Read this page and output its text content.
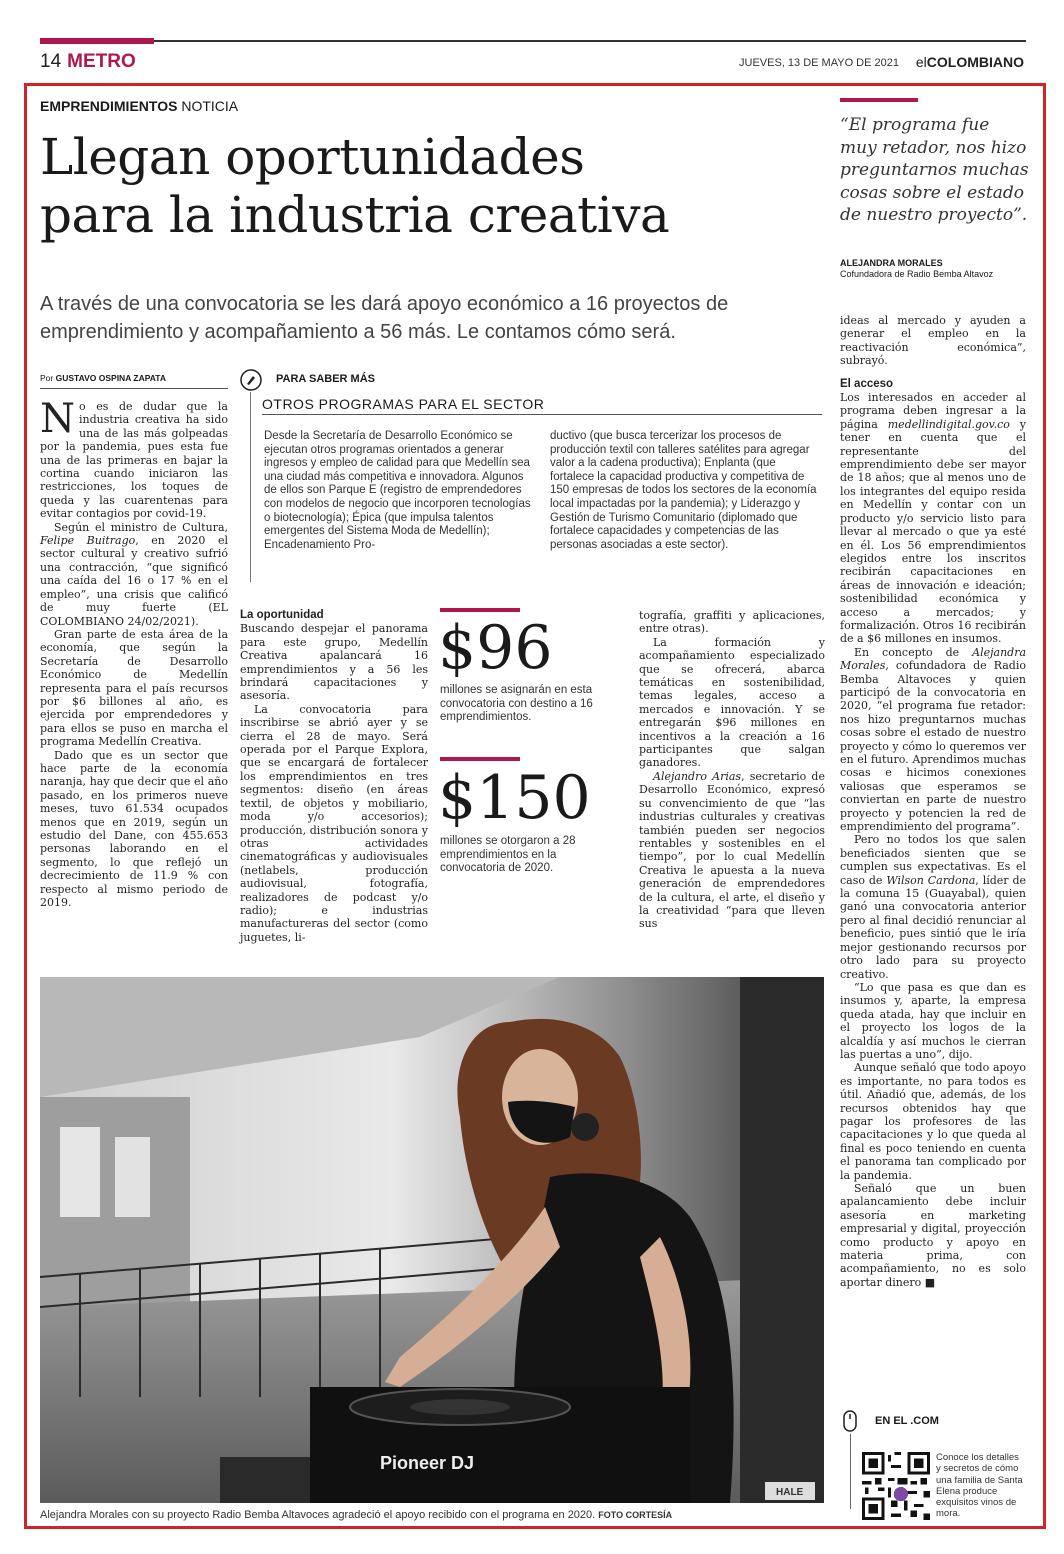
14 METRO	JUEVES, 13 DE MAYO DE 2021 elCOLOMBIANO
EMPRENDIMIENTOS NOTICIA
Llegan oportunidades
para la industria creativa
A través de una convocatoria se les dará apoyo económico a 16 proyectos de emprendimiento y acompañamiento a 56 más. Le contamos cómo será.
“El programa fue muy retador, nos hizo preguntarnos muchas cosas sobre el estado de nuestro proyecto”.
ALEJANDRA MORALES
Cofundadora de Radio Bemba Altavoz
Por GUSTAVO OSPINA ZAPATA

No es de dudar que la industria creativa ha sido una de las más golpeadas por la pandemia, pues esta fue una de las primeras en bajar la cortina cuando iniciaron las restricciones, los toques de queda y las cuarentenas para evitar contagios por covid-19.

Según el ministro de Cultura, Felipe Buitrago, en 2020 el sector cultural y creativo sufrió una contracción, “que significó una caída del 16 o 17 % en el empleo”, una crisis que calificó de muy fuerte (EL COLOMBIANO 24/02/2021).

Gran parte de esta área de la economía, que según la Secretaría de Desarrollo Económico de Medellín representa para el país recursos por $6 billones al año, es ejercida por emprendedores y para ellos se puso en marcha el programa Medellín Creativa.

Dado que es un sector que hace parte de la economía naranja, hay que decir que el año pasado, en los primeros nueve meses, tuvo 61.534 ocupados menos que en 2019, según un estudio del Dane, con 455.653 personas laborando en el segmento, lo que reflejó un decrecimiento de 11.9 % con respecto al mismo periodo de 2019.

PARA SABER MÁS
OTROS PROGRAMAS PARA EL SECTOR
Desde la Secretaría de Desarrollo Económico se ejecutan otros programas orientados a generar ingresos y empleo de calidad para que Medellín sea una ciudad más competitiva e innovadora. Algunos de ellos son Parque E (registro de emprendedores con modelos de negocio que incorporen tecnologías o biotecnología); Épica (que impulsa talentos emergentes del Sistema Moda de Medellín); Encadenamiento Pro-
ductivo (que busca tercerizar los procesos de producción textil con talleres satélites para agregar valor a la cadena productiva); Enplanta (que fortalece la capacidad productiva y competitiva de 150 empresas de todos los sectores de la economía local impactadas por la pandemia); y Liderazgo y Gestión de Turismo Comunitario (diplomado que fortalece capacidades y competencias de las personas asociadas a este sector).

La oportunidad

Buscando despejar el panorama para este grupo, Medellín Creativa apalancará 16 emprendimientos y a 56 les brindará capacitaciones y asesoría.

La convocatoria para inscribirse se abrió ayer y se cierra el 28 de mayo. Será operada por el Parque Explora, que se encargará de fortalecer los emprendimientos en tres segmentos: diseño (en áreas textil, de objetos y mobiliario, moda y/o accesorios); producción, distribución sonora y otras actividades cinematográficas y audiovisuales (netlabels, producción audiovisual, fotografía, realizadores de podcast y/o radio); e industrias manufactureras del sector (como juguetes, li-

$96
millones se asignarán en esta convocatoria con destino a 16 emprendimientos.
$150
millones se otorgaron a 28 emprendimientos en la convocatoria de 2020.

tografía, graffiti y aplicaciones, entre otras).

La formación y acompañamiento especializado que se ofrecerá, abarca temáticas en sostenibilidad, temas legales, acceso a mercados e innovación. Y se entregarán $96 millones en incentivos a la creación a 16 participantes que salgan ganadores.

Alejandro Arias, secretario de Desarrollo Económico, expresó su convencimiento de que “las industrias culturales y creativas también pueden ser negocios rentables y sostenibles en el tiempo”, por lo cual Medellín Creativa le apuesta a la nueva generación de emprendedores de la cultura, el arte, el diseño y la creatividad “para que lleven sus

ideas al mercado y ayuden a generar el empleo en la reactivación económica”, subrayó.

El acceso

Los interesados en acceder al programa deben ingresar a la página medellindigital.gov.co y tener en cuenta que el representante del emprendimiento debe ser mayor de 18 años; que al menos uno de los integrantes del equipo resida en Medellín y contar con un producto y/o servicio listo para llevar al mercado o que ya esté en él. Los 56 emprendimientos elegidos entre los inscritos recibirán capacitaciones en áreas de innovación e ideación; sostenibilidad económica y acceso a mercados; y formalización. Otros 16 recibirán de a $6 millones en insumos.

En concepto de Alejandra Morales, cofundadora de Radio Bemba Altavoces y quien participó de la convocatoria en 2020, “el programa fue retador: nos hizo preguntarnos muchas cosas sobre el estado de nuestro proyecto y cómo lo queremos ver en el futuro. Aprendimos muchas cosas e hicimos conexiones valiosas que esperamos se conviertan en parte de nuestro proyecto y potencien la red de emprendimiento del programa”.

Pero no todos los que salen beneficiados sienten que se cumplen sus expectativas. Es el caso de Wilson Cardona, líder de la comuna 15 (Guayabal), quien ganó una convocatoria anterior pero al final decidió renunciar al beneficio, pues sintió que le iría mejor gestionando recursos por otro lado para su proyecto creativo.

“Lo que pasa es que dan es insumos y, aparte, la empresa queda atada, hay que incluir en el proyecto los logos de la alcaldía y así muchos le cierran las puertas a uno”, dijo.

Aunque señaló que todo apoyo es importante, no para todos es útil. Añadió que, además, de los recursos obtenidos hay que pagar los profesores de las capacitaciones y lo que queda al final es poco teniendo en cuenta el panorama tan complicado por la pandemia.

Señaló que un buen apalancamiento debe incluir asesoría en marketing empresarial y digital, proyección como producto y apoyo en materia prima, con acompañamiento, no es solo aportar dinero ■

HALE
Pioneer DJ
Alejandra Morales con su proyecto Radio Bemba Altavoces agradeció el apoyo recibido con el programa en 2020. FOTO CORTESÍA
EN EL .COM
Conoce los detalles y secretos de cómo una familia de Santa Elena produce exquisitos vinos de mora.
